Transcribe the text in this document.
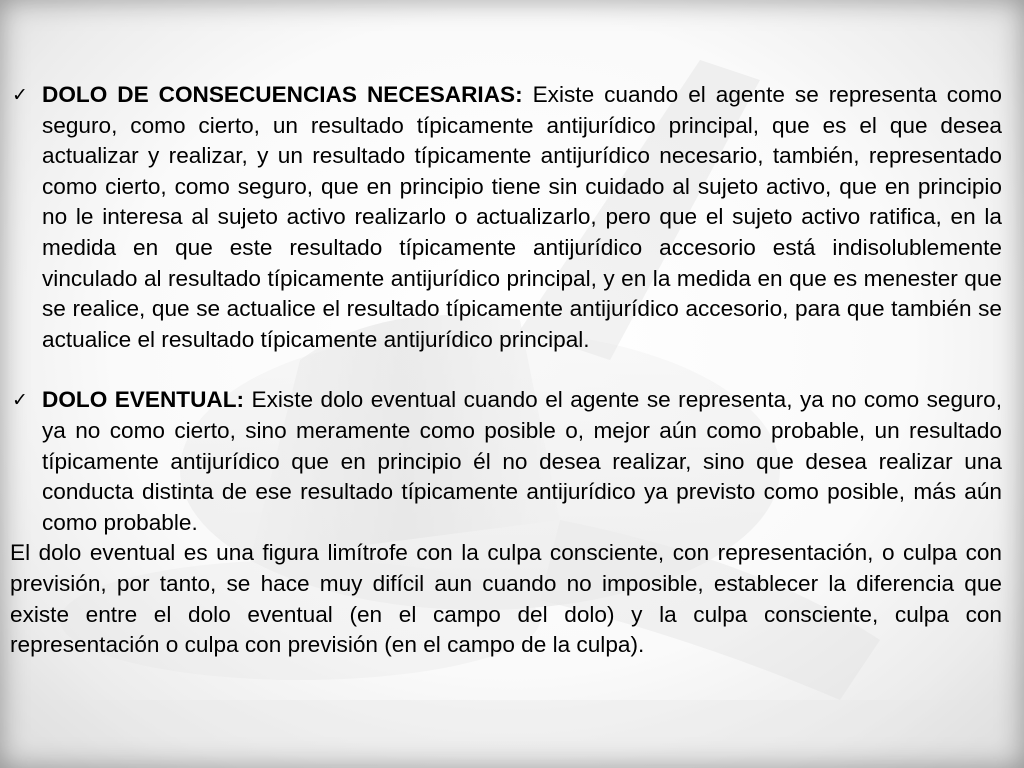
✓ DOLO DE CONSECUENCIAS NECESARIAS: Existe cuando el agente se representa como seguro, como cierto, un resultado típicamente antijurídico principal, que es el que desea actualizar y realizar, y un resultado típicamente antijurídico necesario, también, representado como cierto, como seguro, que en principio tiene sin cuidado al sujeto activo, que en principio no le interesa al sujeto activo realizarlo o actualizarlo, pero que el sujeto activo ratifica, en la medida en que este resultado típicamente antijurídico accesorio está indisolublemente vinculado al resultado típicamente antijurídico principal, y en la medida en que es menester que se realice, que se actualice el resultado típicamente antijurídico accesorio, para que también se actualice el resultado típicamente antijurídico principal.
✓ DOLO EVENTUAL: Existe dolo eventual cuando el agente se representa, ya no como seguro, ya no como cierto, sino meramente como posible o, mejor aún como probable, un resultado típicamente antijurídico que en principio él no desea realizar, sino que desea realizar una conducta distinta de ese resultado típicamente antijurídico ya previsto como posible, más aún como probable.
El dolo eventual es una figura limítrofe con la culpa consciente, con representación, o culpa con previsión, por tanto, se hace muy difícil aun cuando no imposible, establecer la diferencia que existe entre el dolo eventual (en el campo del dolo) y la culpa consciente, culpa con representación o culpa con previsión (en el campo de la culpa).
